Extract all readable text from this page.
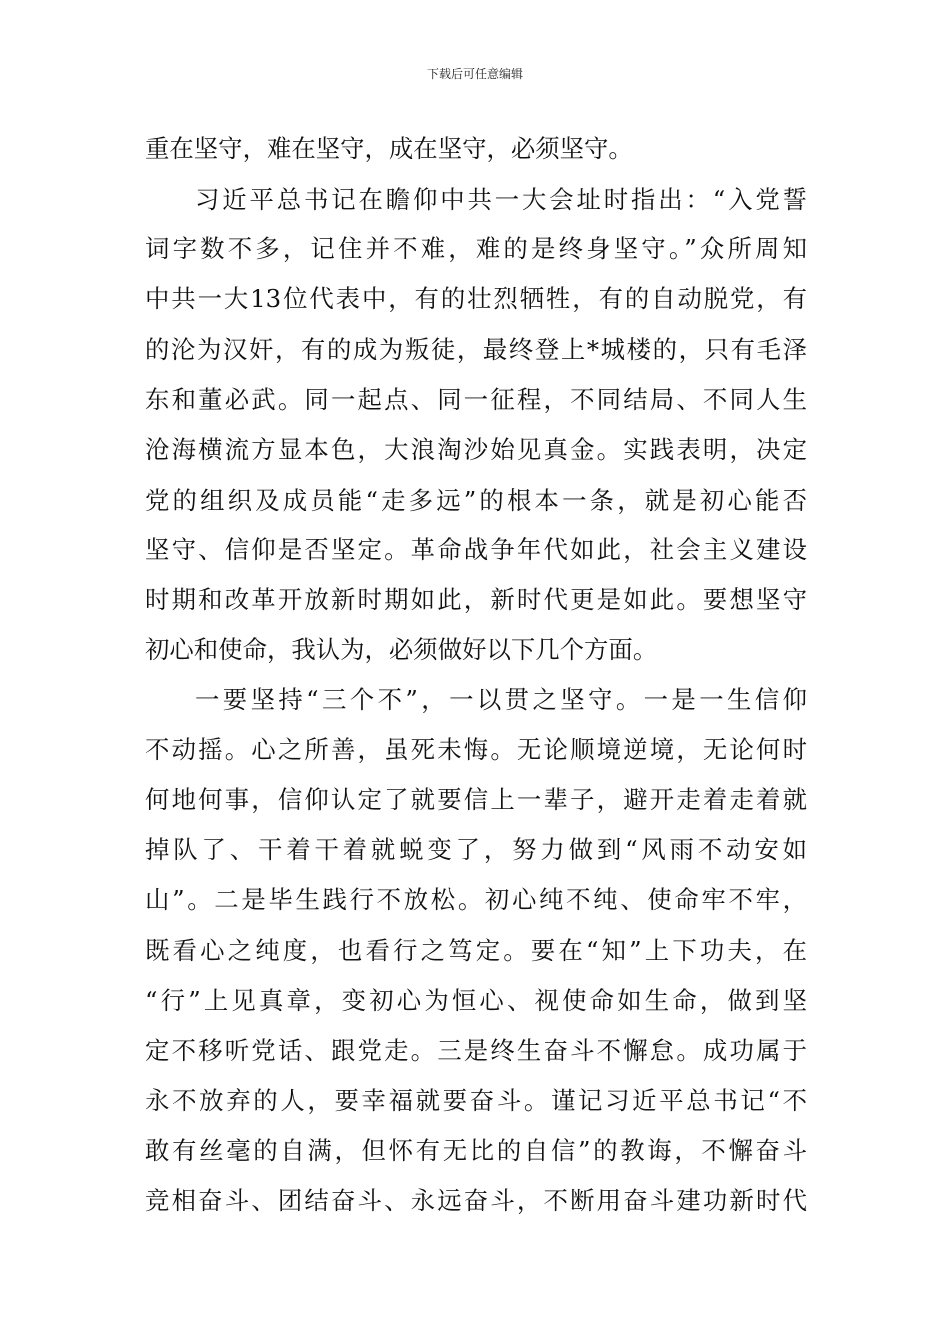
下载后可任意编辑
重在坚守，难在坚守，成在坚守，必须坚守。
习近平总书记在瞻仰中共一大会址时指出：“入党誓
词字数不多，记住并不难，难的是终身坚守。”众所周知
中共一大13位代表中，有的壮烈牺牲，有的自动脱党，有
的沦为汉奸，有的成为叛徒，最终登上*城楼的，只有毛泽
东和董必武。同一起点、同一征程，不同结局、不同人生
沧海横流方显本色，大浪淘沙始见真金。实践表明，决定
党的组织及成员能“走多远”的根本一条，就是初心能否
坚守、信仰是否坚定。革命战争年代如此，社会主义建设
时期和改革开放新时期如此，新时代更是如此。要想坚守
初心和使命，我认为，必须做好以下几个方面。
一要坚持“三个不”，一以贯之坚守。一是一生信仰
不动摇。心之所善，虽死未悔。无论顺境逆境，无论何时
何地何事，信仰认定了就要信上一辈子，避开走着走着就
掉队了、干着干着就蜕变了，努力做到“风雨不动安如
山”。二是毕生践行不放松。初心纯不纯、使命牢不牢，
既看心之纯度，也看行之笃定。要在“知”上下功夫，在
“行”上见真章，变初心为恒心、视使命如生命，做到坚
定不移听党话、跟党走。三是终生奋斗不懈怠。成功属于
永不放弃的人，要幸福就要奋斗。谨记习近平总书记“不
敢有丝毫的自满，但怀有无比的自信”的教诲，不懈奋斗
竞相奋斗、团结奋斗、永远奋斗，不断用奋斗建功新时代
